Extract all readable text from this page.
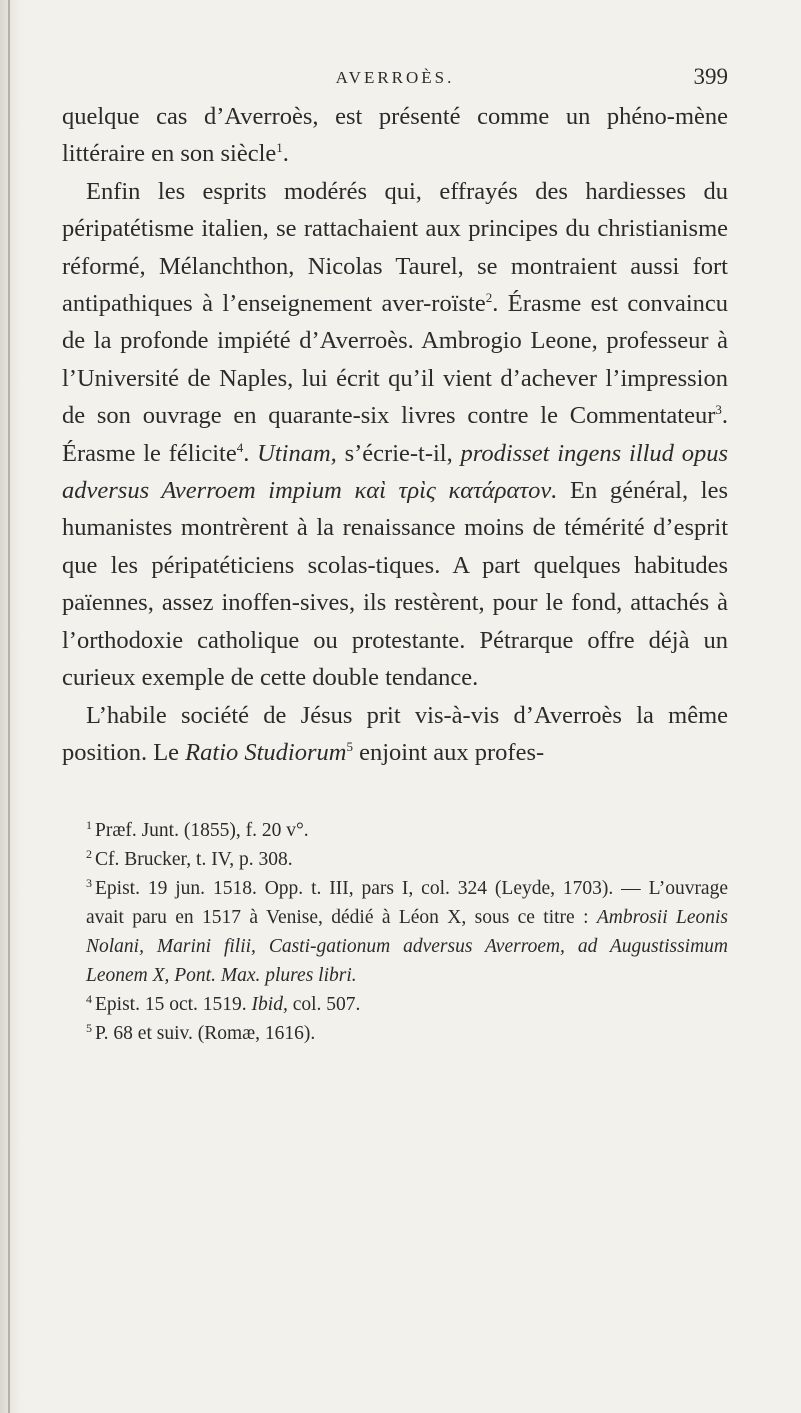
AVERROÈS.	399

quelque cas d’Averroès, est présenté comme un phéno-mène littéraire en son siècle$^1$.

Enfin les esprits modérés qui, effrayés des hardiesses du péripatétisme italien, se rattachaient aux principes du christianisme réformé, Mélanchthon, Nicolas Taurel, se montraient aussi fort antipathiques à l’enseignement aver-roïste$^2$. Érasme est convaincu de la profonde impiété d’Averroès. Ambrogio Leone, professeur à l’Université de Naples, lui écrit qu’il vient d’achever l’impression de son ouvrage en quarante-six livres contre le Commentateur$^3$. Érasme le félicite$^4$. Utinam, s’écrie-t-il, prodisset ingens illud opus adversus Averroem impium καὶ τρὶς κατάρατον. En général, les humanistes montrèrent à la renaissance moins de témérité d’esprit que les péripatéticiens scolas-tiques. A part quelques habitudes païennes, assez inoffen-sives, ils restèrent, pour le fond, attachés à l’orthodoxie catholique ou protestante. Pétrarque offre déjà un curieux exemple de cette double tendance.

L’habile société de Jésus prit vis-à-vis d’Averroès la même position. Le Ratio Studiorum$^5$ enjoint aux profes-

$^1$ Præf. Junt. (1855), f. 20 v°.

$^2$ Cf. Brucker, t. IV, p. 308.

$^3$ Epist. 19 jun. 1518. Opp. t. III, pars I, col. 324 (Leyde, 1703). — L’ouvrage avait paru en 1517 à Venise, dédié à Léon X, sous ce titre : Ambrosii Leonis Nolani, Marini filii, Casti-gationum adversus Averroem, ad Augustissimum Leonem X, Pont. Max. plures libri.

$^4$ Epist. 15 oct. 1519. Ibid, col. 507.

$^5$ P. 68 et suiv. (Romæ, 1616).
